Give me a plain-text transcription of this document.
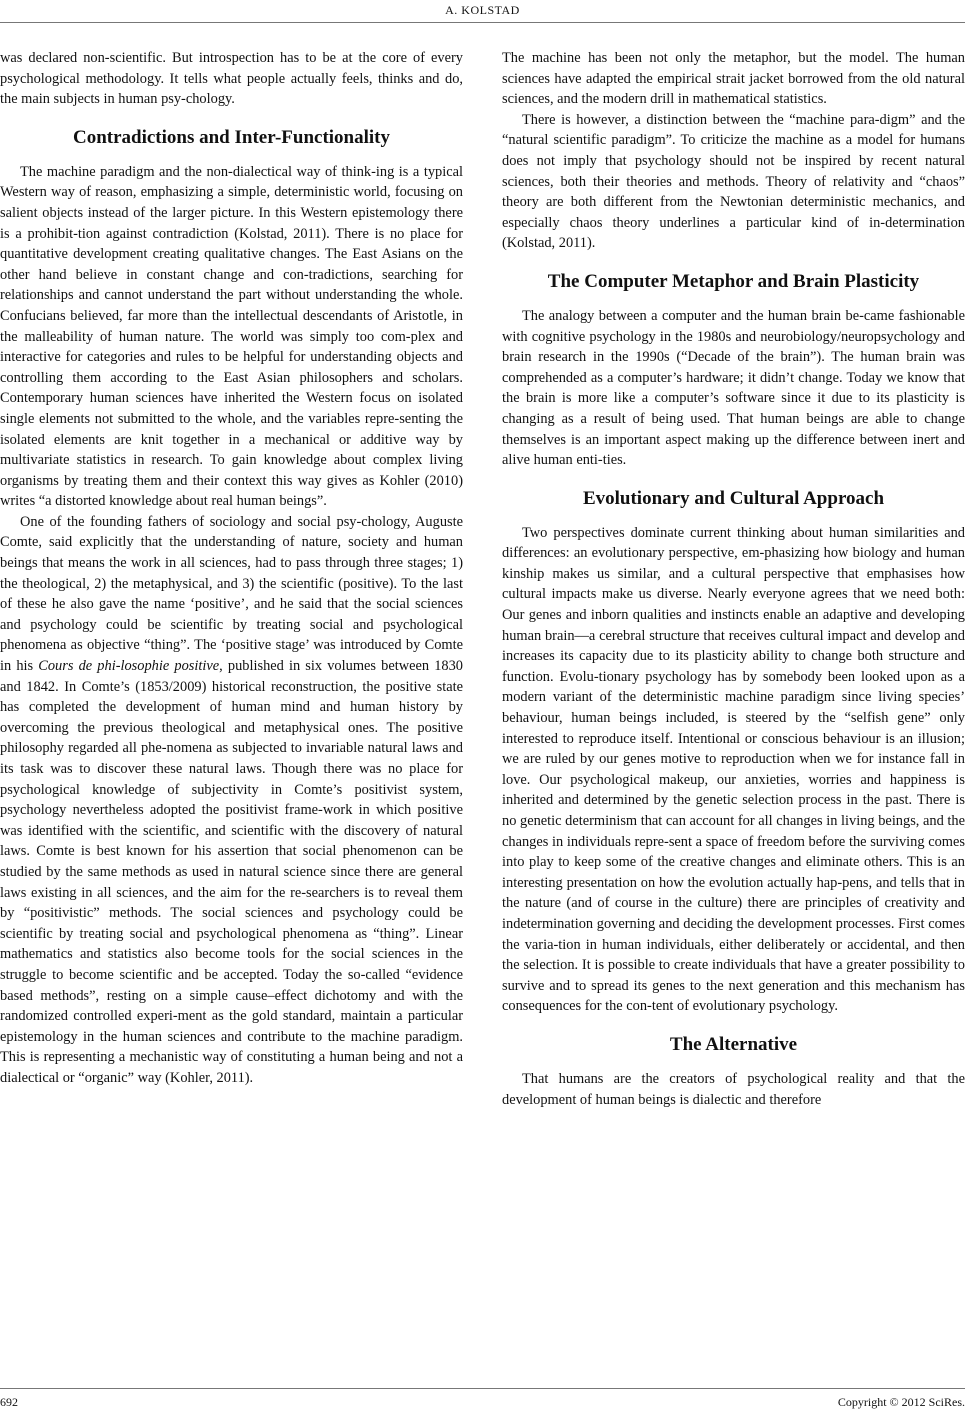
A. KOLSTAD

was declared non-scientific. But introspection has to be at the core of every psychological methodology. It tells what people actually feels, thinks and do, the main subjects in human psy-chology.

Contradictions and Inter-Functionality

The machine paradigm and the non-dialectical way of think-ing is a typical Western way of reason, emphasizing a simple, deterministic world, focusing on salient objects instead of the larger picture. In this Western epistemology there is a prohibit-tion against contradiction (Kolstad, 2011). There is no place for quantitative development creating qualitative changes. The East Asians on the other hand believe in constant change and con-tradictions, searching for relationships and cannot understand the part without understanding the whole. Confucians believed, far more than the intellectual descendants of Aristotle, in the malleability of human nature. The world was simply too com-plex and interactive for categories and rules to be helpful for understanding objects and controlling them according to the East Asian philosophers and scholars. Contemporary human sciences have inherited the Western focus on isolated single elements not submitted to the whole, and the variables repre-senting the isolated elements are knit together in a mechanical or additive way by multivariate statistics in research. To gain knowledge about complex living organisms by treating them and their context this way gives as Kohler (2010) writes “a distorted knowledge about real human beings”.

One of the founding fathers of sociology and social psy-chology, Auguste Comte, said explicitly that the understanding of nature, society and human beings that means the work in all sciences, had to pass through three stages; 1) the theological, 2) the metaphysical, and 3) the scientific (positive). To the last of these he also gave the name ‘positive’, and he said that the social sciences and psychology could be scientific by treating social and psychological phenomena as objective “thing”. The ‘positive stage’ was introduced by Comte in his Cours de phi-losophie positive, published in six volumes between 1830 and 1842. In Comte’s (1853/2009) historical reconstruction, the positive state has completed the development of human mind and human history by overcoming the previous theological and metaphysical ones. The positive philosophy regarded all phe-nomena as subjected to invariable natural laws and its task was to discover these natural laws. Though there was no place for psychological knowledge of subjectivity in Comte’s positivist system, psychology nevertheless adopted the positivist frame-work in which positive was identified with the scientific, and scientific with the discovery of natural laws. Comte is best known for his assertion that social phenomenon can be studied by the same methods as used in natural science since there are general laws existing in all sciences, and the aim for the re-searchers is to reveal them by “positivistic” methods. The social sciences and psychology could be scientific by treating social and psychological phenomena as “thing”. Linear mathematics and statistics also become tools for the social sciences in the struggle to become scientific and be accepted. Today the so-called “evidence based methods”, resting on a simple cause–effect dichotomy and with the randomized controlled experi-ment as the gold standard, maintain a particular epistemology in the human sciences and contribute to the machine paradigm. This is representing a mechanistic way of constituting a human being and not a dialectical or “organic” way (Kohler, 2011).

The machine has been not only the metaphor, but the model. The human sciences have adapted the empirical strait jacket borrowed from the old natural sciences, and the modern drill in mathematical statistics.

There is however, a distinction between the “machine para-digm” and the “natural scientific paradigm”. To criticize the machine as a model for humans does not imply that psychology should not be inspired by recent natural sciences, both their theories and methods. Theory of relativity and “chaos” theory are both different from the Newtonian deterministic mechanics, and especially chaos theory underlines a particular kind of in-determination (Kolstad, 2011).

The Computer Metaphor and Brain Plasticity

The analogy between a computer and the human brain be-came fashionable with cognitive psychology in the 1980s and neurobiology/neuropsychology and brain research in the 1990s (“Decade of the brain”). The human brain was comprehended as a computer’s hardware; it didn’t change. Today we know that the brain is more like a computer’s software since it due to its plasticity is changing as a result of being used. That human beings are able to change themselves is an important aspect making up the difference between inert and alive human enti-ties.

Evolutionary and Cultural Approach

Two perspectives dominate current thinking about human similarities and differences: an evolutionary perspective, em-phasizing how biology and human kinship makes us similar, and a cultural perspective that emphasises how cultural impacts make us diverse. Nearly everyone agrees that we need both: Our genes and inborn qualities and instincts enable an adaptive and developing human brain—a cerebral structure that receives cultural impact and develop and increases its capacity due to its plasticity ability to change both structure and function. Evolu-tionary psychology has by somebody been looked upon as a modern variant of the deterministic machine paradigm since living species’ behaviour, human beings included, is steered by the “selfish gene” only interested to reproduce itself. Intentional or conscious behaviour is an illusion; we are ruled by our genes motive to reproduction when we for instance fall in love. Our psychological makeup, our anxieties, worries and happiness is inherited and determined by the genetic selection process in the past. There is no genetic determinism that can account for all changes in living beings, and the changes in individuals repre-sent a space of freedom before the surviving comes into play to keep some of the creative changes and eliminate others. This is an interesting presentation on how the evolution actually hap-pens, and tells that in the nature (and of course in the culture) there are principles of creativity and indetermination governing and deciding the development processes. First comes the varia-tion in human individuals, either deliberately or accidental, and then the selection. It is possible to create individuals that have a greater possibility to survive and to spread its genes to the next generation and this mechanism has consequences for the con-tent of evolutionary psychology.

The Alternative

That humans are the creators of psychological reality and that the development of human beings is dialectic and therefore

692	Copyright © 2012 SciRes.
